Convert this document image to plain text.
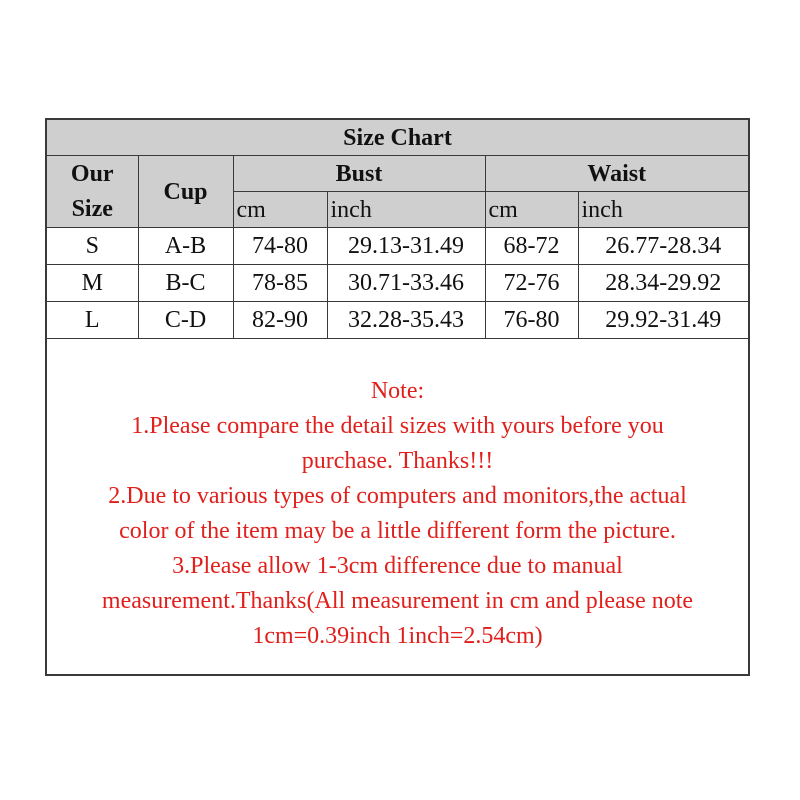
Size Chart					

Our
Size	Cup	Bust		Waist	
		cm	inch	cm	inch
S	A-B	74-80	29.13-31.49	68-72	26.77-28.34
M	B-C	78-85	30.71-33.46	72-76	28.34-29.92
L	C-D	82-90	32.28-35.43	76-80	29.92-31.49
Note:
1.Please compare the detail sizes with yours before you
purchase. Thanks!!!
2.Due to various types of computers and monitors,the actual
color of the item may be a little different form the picture.
3.Please allow 1-3cm difference due to manual
measurement.Thanks(All measurement in cm and please note
1cm=0.39inch 1inch=2.54cm)
